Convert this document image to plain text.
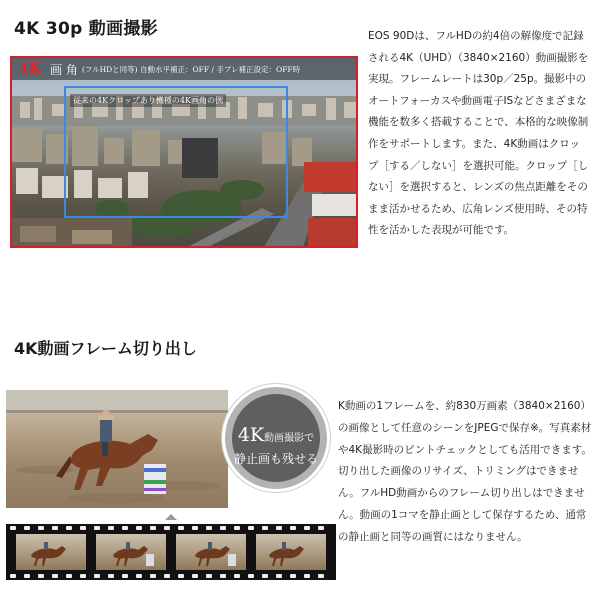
4K 30p 動画撮影
4K 画 角 (フルHDと同等) 自動水平補正：OFF / 手ブレ補正設定：OFF時
従来の4Kクロップあり機種の4K画角の例

EOS 90Dは、フルHDの約4倍の解像度で記録される4K（UHD）（3840×2160）動画撮影を実現。フレームレートは30p／25p。撮影中のオートフォーカスや動画電子ISなどさまざまな機能を数多く搭載することで、本格的な映像制作をサポートします。また、4K動画はクロップ［する／しない］を選択可能。クロップ［しない］を選択すると、レンズの焦点距離をそのまま活かせるため、広角レンズ使用時、その特性を活かした表現が可能です。

4K動画フレーム切り出し
4K動画撮影で
静止画も残せる

K動画の1フレームを、約830万画素（3840×2160）の画像として任意のシーンをJPEGで保存※。写真素材や4K撮影時のピントチェックとしても活用できます。 切り出した画像のリサイズ、トリミングはできません。フルHD動画からのフレーム切り出しはできません。動画の1コマを静止画として保存するため、通常の静止画と同等の画質にはなりません。
